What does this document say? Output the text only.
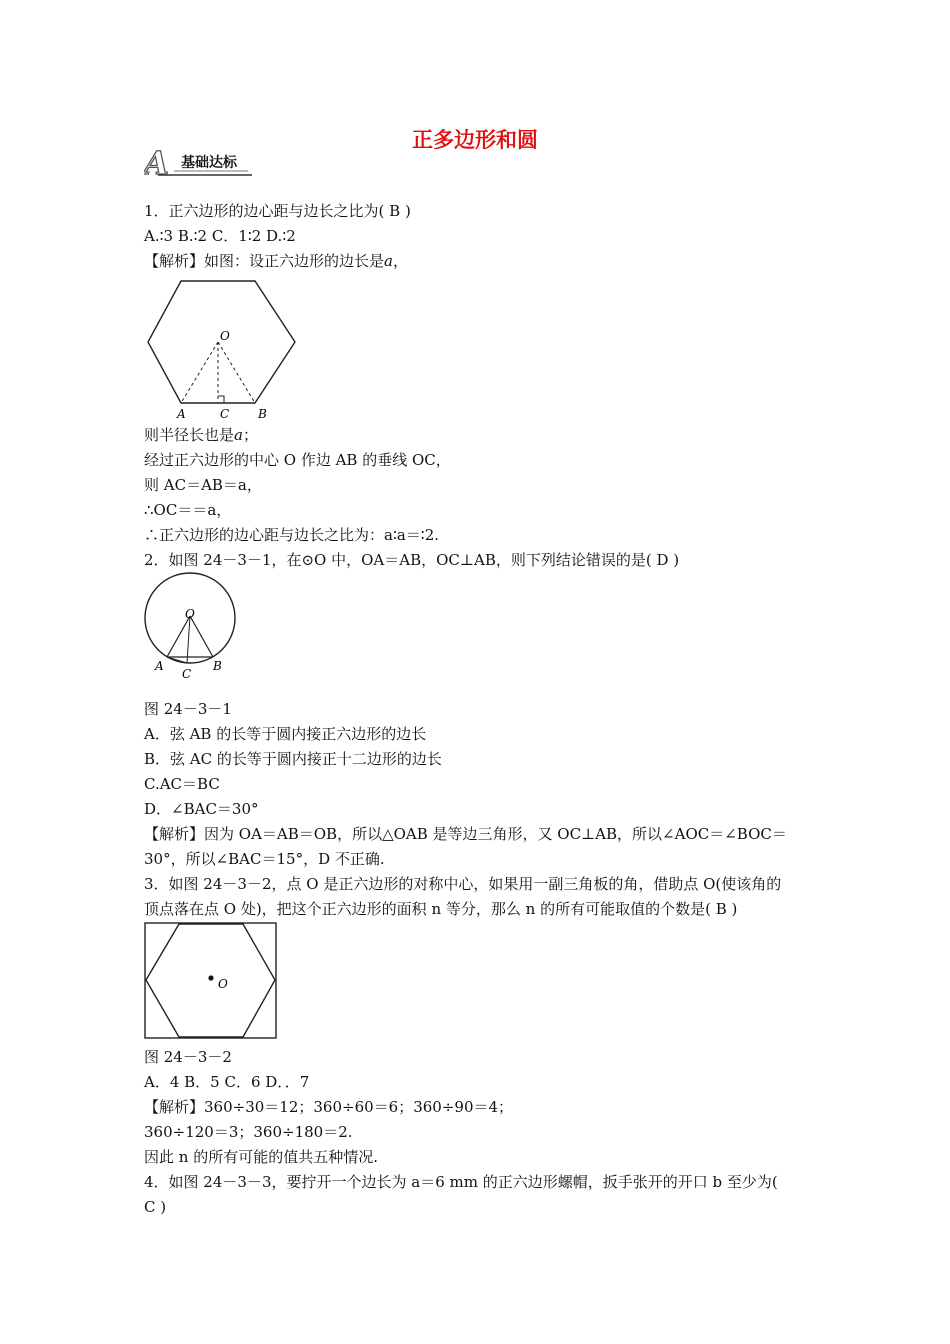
正多边形和圆
A 基础达标
1．正六边形的边心距与边长之比为( B )
A.∶3 B.∶2 C．1∶2 D.∶2
【解析】如图：设正六边形的边长是a，
O
A	C B
则半径长也是a；
经过正六边形的中心 O 作边 AB 的垂线 OC，
则 AC＝AB＝a，
∴OC＝＝a，
∴正六边形的边心距与边长之比为：a∶a＝∶2.
2．如图 24－3－1，在⊙O 中，OA＝AB，OC⊥AB，则下列结论错误的是( D )
O
A
C
B
图 24－3－1
A．弦 AB 的长等于圆内接正六边形的边长
B．弦 AC 的长等于圆内接正十二边形的边长
C.AC＝BC
D．∠BAC＝30°
【解析】因为 OA＝AB＝OB，所以△OAB 是等边三角形，又 OC⊥AB，所以∠AOC＝∠BOC＝
30°，所以∠BAC＝15°，D 不正确.
3．如图 24－3－2，点 O 是正六边形的对称中心，如果用一副三角板的角，借助点 O(使该角的
顶点落在点 O 处)，把这个正六边形的面积 n 等分，那么 n 的所有可能取值的个数是( B )
O
图 24－3－2
A．4 B．5 C．6 D．．7
【解析】360÷30＝12；360÷60＝6；360÷90＝4；
360÷120＝3；360÷180＝2.
因此 n 的所有可能的值共五种情况.
4．如图 24－3－3，要拧开一个边长为 a＝6 mm 的正六边形螺帽，扳手张开的开口 b 至少为(
C )
